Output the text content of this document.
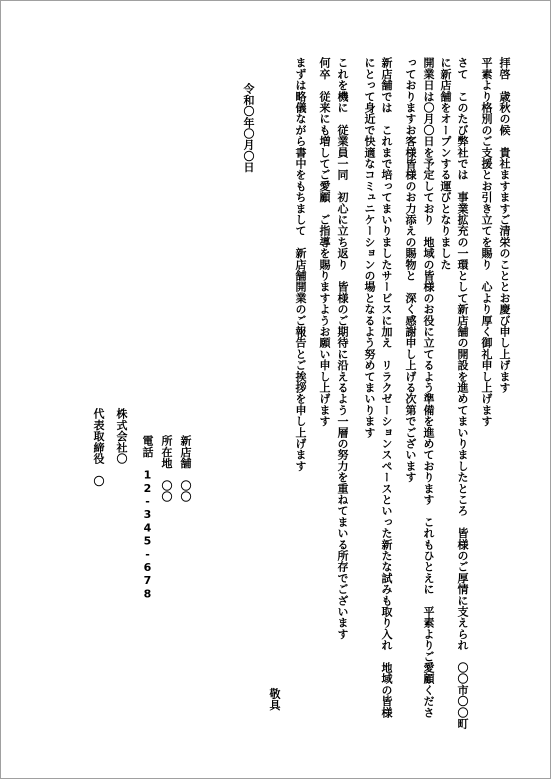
拝啓　歳秋の候　貴社ますますご清栄のこととお慶び申し上げます
平素より格別のご支援とお引き立てを賜り　心より厚く御礼申し上げます
さて　このたび弊社では　事業拡充の一環として新店舗の開設を進めてまいりましたところ　皆様のご厚情に支えられ　〇〇市〇〇町
に新店舗をオープンする運びとなりました
開業日は〇月〇日を予定しており　地域の皆様のお役に立てるよう準備を進めております　これもひとえに　平素よりご愛顧くださ
っておりますお客様皆様のお力添えの賜物と　深く感謝申し上げる次第でございます
新店舗では　これまで培ってまいりましたサービスに加え　リラクゼーションスペースといった新たな試みも取り入れ　地域の皆様
にとって身近で快適なコミュニケーションの場となるよう努めてまいります
これを機に　従業員一同　初心に立ち返り　皆様のご期待に沿えるよう一層の努力を重ねてまいる所存でございます
何卒　従来にも増してご愛顧　ご指導を賜りますようお願い申し上げます
まずは略儀ながら書中をもちまして　新店舗開業のご報告とご挨拶を申し上げます
敬具
令和〇年〇月〇日
新店舗　〇〇
所在地　〇〇
電話　12-345-678
株式会社〇
代表取締役　〇
